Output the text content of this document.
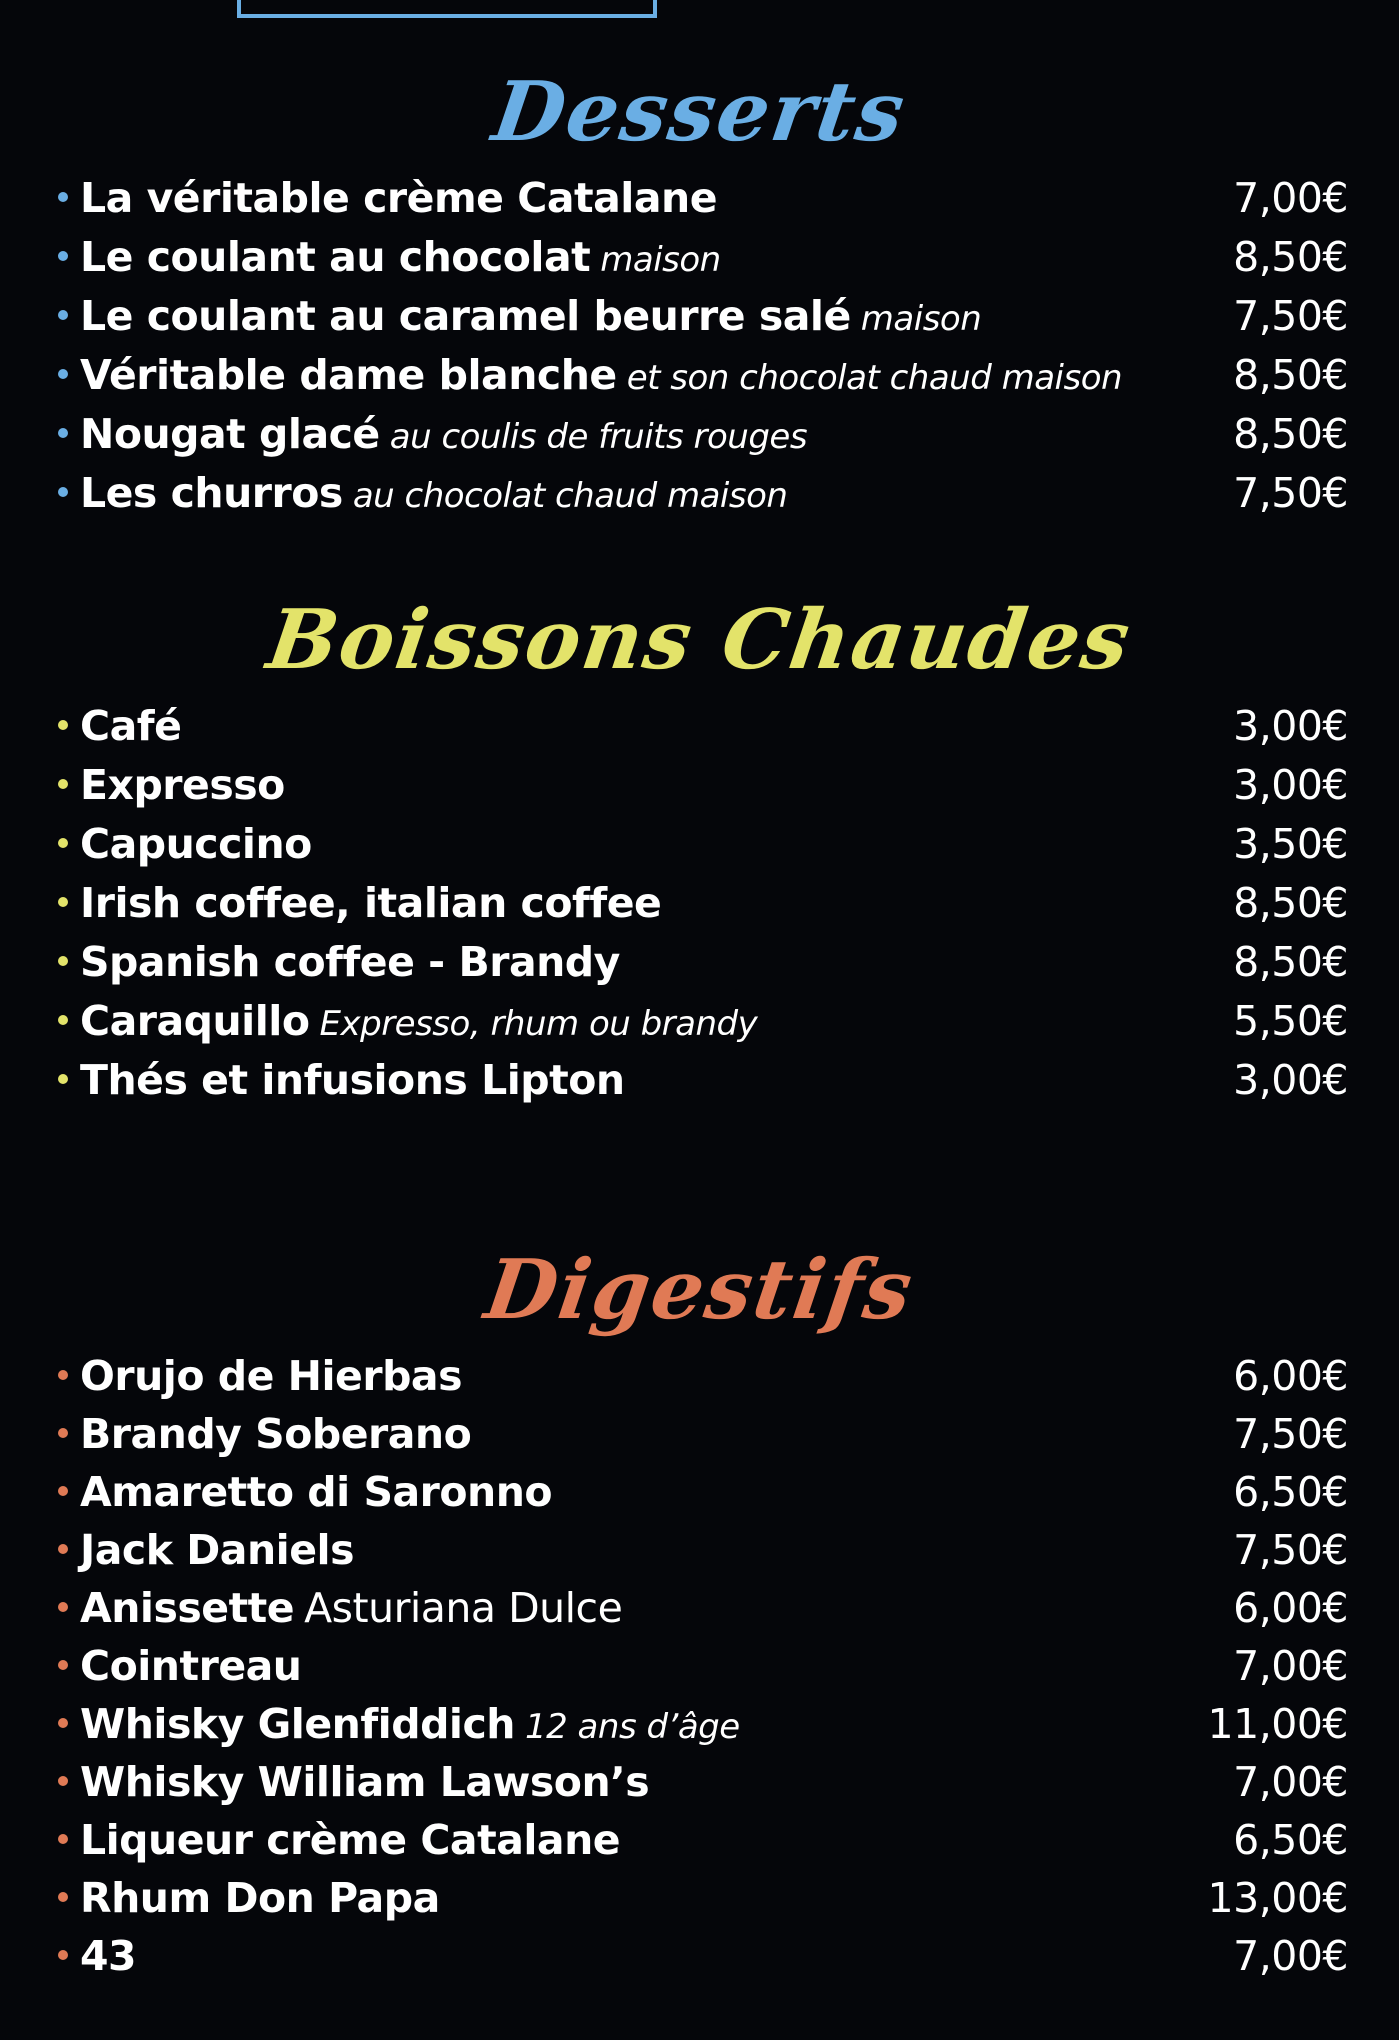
Desserts
La véritable crème Catalane	7,00€
Le coulant au chocolat maison	8,50€
Le coulant au caramel beurre salé maison	7,50€
Véritable dame blanche et son chocolat chaud maison	8,50€
Nougat glacé au coulis de fruits rouges	8,50€
Les churros au chocolat chaud maison	7,50€
Boissons Chaudes
Café	3,00€
Expresso	3,00€
Capuccino	3,50€
Irish coffee, italian coffee	8,50€
Spanish coffee - Brandy	8,50€
Caraquillo Expresso, rhum ou brandy	5,50€
Thés et infusions Lipton	3,00€
Digestifs
Orujo de Hierbas	6,00€
Brandy Soberano	7,50€
Amaretto di Saronno	6,50€
Jack Daniels	7,50€
Anissette Asturiana Dulce	6,00€
Cointreau	7,00€
Whisky Glenfiddich 12 ans d’âge	11,00€
Whisky William Lawson’s	7,00€
Liqueur crème Catalane	6,50€
Rhum Don Papa	13,00€
43	7,00€
